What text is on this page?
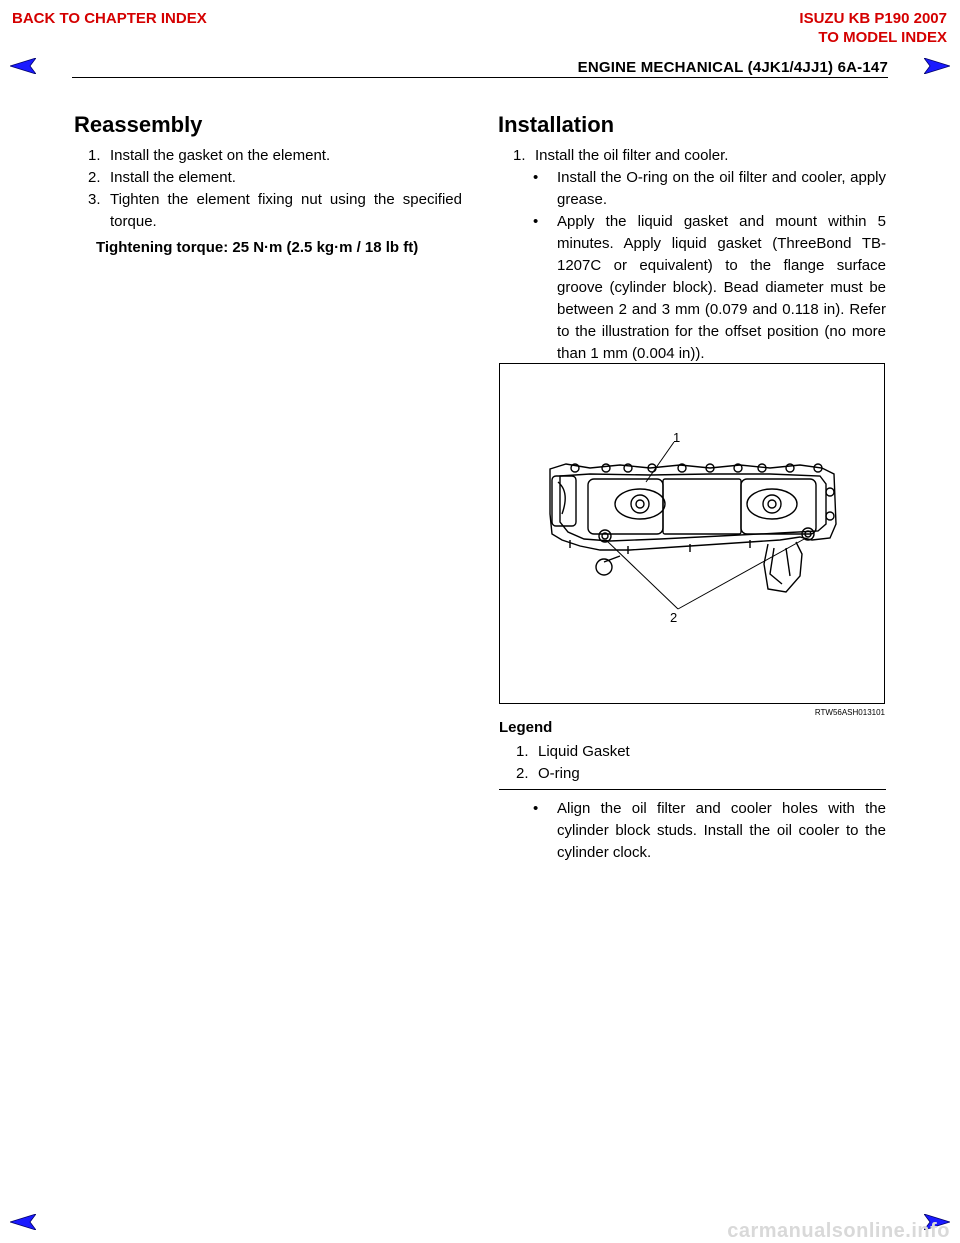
BACK TO CHAPTER INDEX	ISUZU KB P190 2007
TO MODEL INDEX
ENGINE MECHANICAL (4JK1/4JJ1) 6A-147
Reassembly
1. Install the gasket on the element.
2. Install the element.
3. Tighten the element fixing nut using the specified torque.
Tightening torque: 25 N·m (2.5 kg·m / 18 lb ft)
Installation
1. Install the oil filter and cooler.
•	Install the O-ring on the oil filter and cooler, apply grease.
•	Apply the liquid gasket and mount within 5 minutes. Apply liquid gasket (ThreeBond TB-1207C or equivalent) to the flange surface groove (cylinder block). Bead diameter must be between 2 and 3 mm (0.079 and 0.118 in). Refer to the illustration for the offset position (no more than 1 mm (0.004 in)).
1
2
RTW56ASH013101
Legend
1. Liquid Gasket
2. O-ring
•	Align the oil filter and cooler holes with the cylinder block studs. Install the oil cooler to the cylinder clock.
carmanualsonline.info
